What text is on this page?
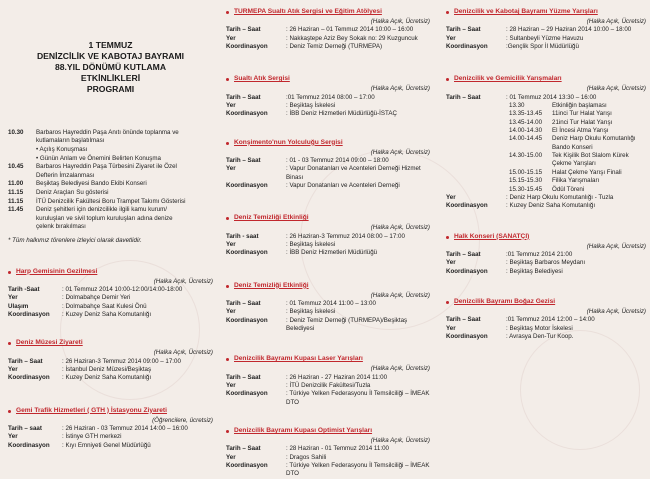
1 TEMMUZ
DENİZCİLİK VE KABOTAJ BAYRAMI
88.YIL DÖNÜMÜ KUTLAMA ETKİNLİKLERİ
PROGRAMI
10.30	Barbaros Hayreddin Paşa Anıtı önünde toplanma ve
kutlamaların başlatılması
• Açılış Konuşması
• Günün Anlam ve Önemini Belirten Konuşma
10.45	Barbaros Hayreddin Paşa Türbesini Ziyaret ile Özel
Defterin İmzalanması
11.00	Beşiktaş Belediyesi Bando Ekibi Konseri
11.15	Deniz Araçları Su gösterisi
11.15	İTÜ Denizcilik Fakültesi Boru Trampet Takımı Gösterisi
11.45	Deniz şehitleri için denizcilikle ilgili kamu kurum/
kuruluşları ve sivil toplum kuruluşları adına denize
çelenk bırakılması
* Tüm halkımız törenlere izleyici olarak davetlidir.
Harp Gemisinin Gezilmesi
(Halka Açık, Ücretsiz)
Tarih -Saat	: 01 Temmuz 2014 10:00-12:00/14:00-18:00
Yer	: Dolmabahçe Demir Yeri
Ulaşım	: Dolmabahçe Saat Kulesi Önü
Koordinasyon	: Kuzey Deniz Saha Komutanlığı
Deniz Müzesi Ziyareti
(Halka Açık, Ücretsiz)
Tarih – Saat	: 26 Haziran-3 Temmuz 2014 09:00 – 17:00
Yer	: İstanbul Deniz Müzesi/Beşiktaş
Koordinasyon	: Kuzey Deniz Saha Komutanlığı
Gemi Trafik Hizmetleri ( GTH ) İstasyonu Ziyareti
(Öğrencilere, ücretsiz)
Tarih – saat	: 26 Haziran - 03 Temmuz 2014 14:00 – 16:00
Yer	: İstinye GTH merkezi
Koordinasyon	: Kıyı Emniyeti Genel Müdürlüğü
TURMEPA Sualtı Atık Sergisi ve Eğitim Atölyesi
(Halka Açık, Ücretsiz)
Tarih – Saat	: 26 Haziran – 01 Temmuz 2014 10:00 – 16:00
Yer	: Nakkaştepe Aziz Bey Sokak no: 29 Kuzguncuk
Koordinasyon	: Deniz Temiz Derneği (TURMEPA)
Sualtı Atık Sergisi
(Halka Açık, Ücretsiz)
Tarih – Saat	:01 Temmuz 2014 08:00 – 17:00
Yer	: Beşiktaş İskelesi
Koordinasyon	: İBB Deniz Hizmetleri Müdürlüğü-İSTAÇ
Konşimento'nun Yolculuğu Sergisi
(Halka Açık, Ücretsiz)
Tarih – Saat	: 01 - 03 Temmuz 2014 09:00 – 18:00
Yer	: Vapur Donatanları ve Acenteleri Derneği Hizmet Binası
Koordinasyon	: Vapur Donatanları ve Acenteleri Derneği
Deniz Temizliği Etkinliği
(Halka Açık, Ücretsiz)
Tarih - saat	: 26 Haziran-3 Temmuz 2014 08:00 – 17:00
Yer	: Beşiktaş İskelesi
Koordinasyon	: İBB Deniz Hizmetleri Müdürlüğü
Deniz Temizliği Etkinliği
(Halka Açık, Ücretsiz)
Tarih – Saat	: 01 Temmuz 2014 11:00 – 13:00
Yer	: Beşiktaş İskelesi
Koordinasyon	: Deniz Temiz Derneği (TURMEPA)/Beşiktaş Belediyesi
Denizcilik Bayramı Kupası Laser Yarışları
(Halka Açık, Ücretsiz)
Tarih – Saat	: 26 Haziran - 27 Haziran 2014 11:00
Yer	: İTÜ Denizcilik Fakültesi/Tuzla
Koordinasyon	: Türkiye Yelken Federasyonu İl Temsilciliği – İMEAK DTO
Denizcilik Bayramı Kupası Optimist Yarışları
(Halka Açık, Ücretsiz)
Tarih – Saat	: 28 Haziran - 01 Temmuz 2014 11:00
Yer	: Dragos Sahili
Koordinasyon	: Türkiye Yelken Federasyonu İl Temsilciliği – İMEAK DTO
Denizcilik ve Kabotaj Bayramı Yüzme Yarışları
(Halka Açık, Ücretsiz)
Tarih – Saat	: 28 Haziran – 29 Haziran 2014 10:00 – 18:00
Yer	: Sultanbeyli Yüzme Havuzu
Koordinasyon	:Gençlik Spor İl Müdürlüğü
Denizcilik ve Gemicilik Yarışmaları
(Halka Açık, Ücretsiz)
Tarih – Saat	: 01 Temmuz 2014 13:30 – 16:00
13.30	Etkinliğin başlaması
13.35-13.45	11inci Tur Halat Yarışı
13.45-14.00	21inci Tur Halat Yarışı
14.00-14.30	El İncesi Atma Yarışı
14.00-14.45	Deniz Harp Okulu Komutanlığı Bando Konseri
14.30-15.00	Tek Kişilik Bot Slalom Kürek Çekme Yarışları
15.00-15.15	Halat Çekme Yarışı Finali
15.15-15.30	Filika Yarışmaları
15.30-15.45	Ödül Töreni
Yer	: Deniz Harp Okulu Komutanlığı - Tuzla
Koordinasyon	: Kuzey Deniz Saha Komutanlığı
Halk Konseri (SANATÇI)
(Halka Açık, Ücretsiz)
Tarih – Saat	:01 Temmuz 2014 21:00
Yer	: Beşiktaş Barbaros Meydanı
Koordinasyon	: Beşiktaş Belediyesi
Denizcilik Bayramı Boğaz Gezisi
(Halka Açık, Ücretsiz)
Tarih – Saat	:01 Temmuz 2014 12:00 – 14:00
Yer	: Beşiktaş Motor İskelesi
Koordinasyon	: Avrasya Den-Tur Koop.
